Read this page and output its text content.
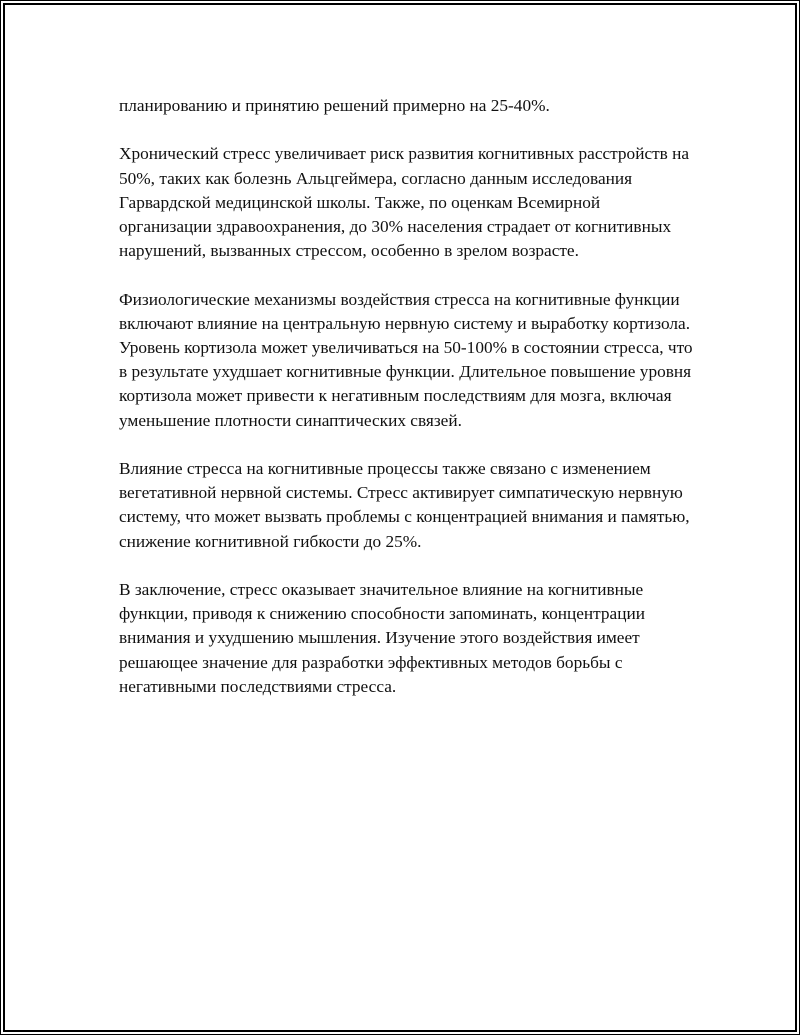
планированию и принятию решений примерно на 25-40%.

Хронический стресс увеличивает риск развития когнитивных расстройств на 50%, таких как болезнь Альцгеймера, согласно данным исследования Гарвардской медицинской школы. Также, по оценкам Всемирной организации здравоохранения, до 30% населения страдает от когнитивных нарушений, вызванных стрессом, особенно в зрелом возрасте.

Физиологические механизмы воздействия стресса на когнитивные функции включают влияние на центральную нервную систему и выработку кортизола. Уровень кортизола может увеличиваться на 50-100% в состоянии стресса, что в результате ухудшает когнитивные функции. Длительное повышение уровня кортизола может привести к негативным последствиям для мозга, включая уменьшение плотности синаптических связей.

Влияние стресса на когнитивные процессы также связано с изменением вегетативной нервной системы. Стресс активирует симпатическую нервную систему, что может вызвать проблемы с концентрацией внимания и памятью, снижение когнитивной гибкости до 25%.

В заключение, стресс оказывает значительное влияние на когнитивные функции, приводя к снижению способности запоминать, концентрации внимания и ухудшению мышления. Изучение этого воздействия имеет решающее значение для разработки эффективных методов борьбы с негативными последствиями стресса.
